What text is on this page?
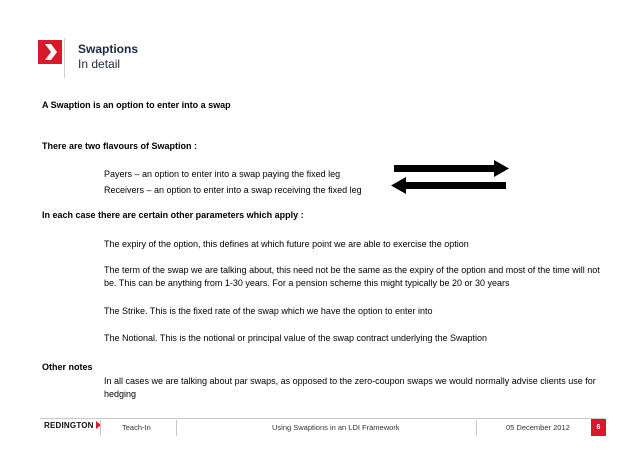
Swaptions
In detail
A Swaption is an option to enter into a swap
There are two flavours of Swaption :
Payers – an option to enter into a swap paying the fixed leg
Receivers – an option to enter into a swap receiving the fixed leg
In each case there are certain other parameters which apply :
The expiry of the option, this defines at which future point we are able to exercise the option
The term of the swap we are talking about, this need not be the same as the expiry of the option and most of the time will not be. This can be anything from 1-30 years. For a pension scheme this might typically be 20 or 30 years
The Strike. This is the fixed rate of the swap which we have the option to enter into
The Notional. This is the notional or principal value of the swap contract underlying the Swaption
Other notes
In all cases we are talking about par swaps, as opposed to the zero-coupon swaps we would normally advise clients use for hedging
REDINGTON	Teach-In	Using Swaptions in an LDI Framework	05 December 2012	6
